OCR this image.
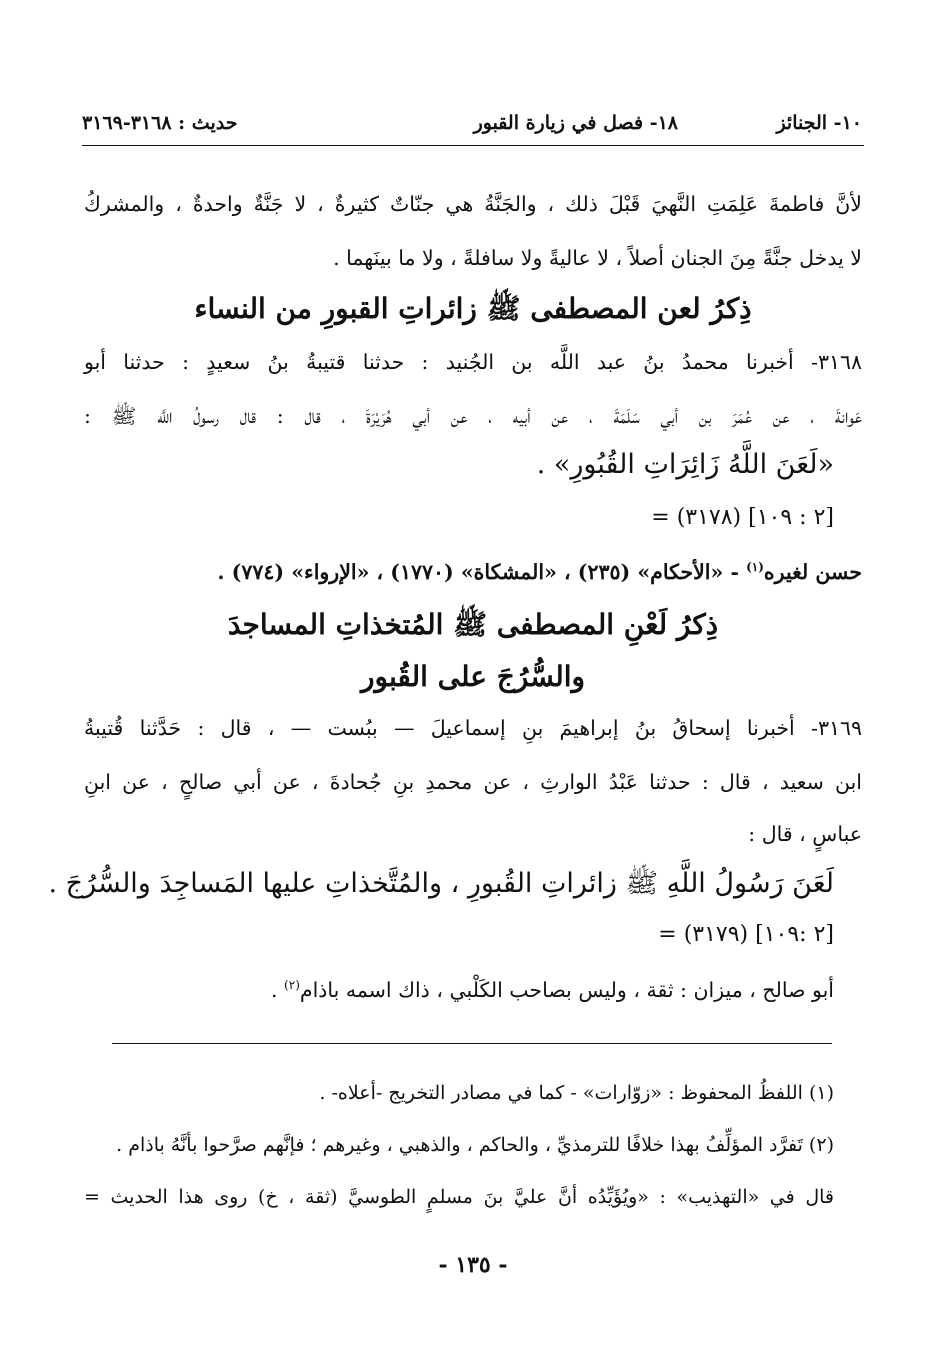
١٠- الجنائز
١٨- فصل في زيارة القبور
حديث : ٣١٦٨-٣١٦٩
لأنَّ فاطمةَ عَلِمَتِ النَّهيَ قَبْلَ ذلك ، والجَنَّةُ هي جنّاتٌ كثيرةٌ ، لا جَنَّةٌ واحدةٌ ، والمشركُ
لا يدخل جنَّةً مِنَ الجنان أصلاً ، لا عاليةً ولا سافلةً ، ولا ما بينَهما .
ذِكرُ لعن المصطفى ﷺ زائراتِ القبورِ من النساء
٣١٦٨- أخبرنا محمدُ بنُ عبد اللَّه بن الجُنيد : حدثنا قتيبةُ بنُ سعيدٍ : حدثنا أبو
عَوانةَ ، عن عُمَرَ بن أبي سَلَمَةَ ، عن أبيه ، عن أبي هُرَيْرَةَ ، قال : قال رسولُ اللَّه ﷺ :
«لَعَنَ اللَّهُ زَائِرَاتِ القُبُورِ» .
= (٣١٧٨) [٢ : ١٠٩]
حسن لغيره$^{(١)}$ - «الأحكام» (٢٣٥) ، «المشكاة» (١٧٧٠) ، «الإرواء» (٧٧٤) .
ذِكرُ لَعْنِ المصطفى ﷺ المُتخذاتِ المساجدَ
والسُّرُجَ على القُبور
٣١٦٩- أخبرنا إسحاقُ بنُ إبراهيمَ بنِ إسماعيلَ — ببُست — ، قال : حَدَّثنا قُتيبةُ
ابن سعيد ، قال : حدثنا عَبْدُ الوارثِ ، عن محمدِ بنِ جُحادةَ ، عن أبي صالحٍ ، عن ابنِ
عباسٍ ، قال :
لَعَنَ رَسُولُ اللَّهِ ﷺ زائراتِ القُبورِ ، والمُتَّخذاتِ عليها المَساجِدَ والسُّرُجَ .
= (٣١٧٩) [٢ :١٠٩]
أبو صالح ، ميزان : ثقة ، وليس بصاحب الكَلْبي ، ذاك اسمه باذام$^{(٢)}$ .
(١) اللفظُ المحفوظ : «زوّارات» - كما في مصادر التخريج -أعلاه- .
(٢) تَفرَّد المؤلِّفُ بهذا خلافًا للترمذيِّ ، والحاكم ، والذهبي ، وغيرهم ؛ فإنَّهم صرَّحوا بأنَّهُ باذام .
قال في «التهذيب» : «ويُؤَيِّدُه أنَّ عليَّ بنَ مسلمٍ الطوسيَّ (ثقة ، خ) روى هذا الحديث =
- ١٣٥ -
